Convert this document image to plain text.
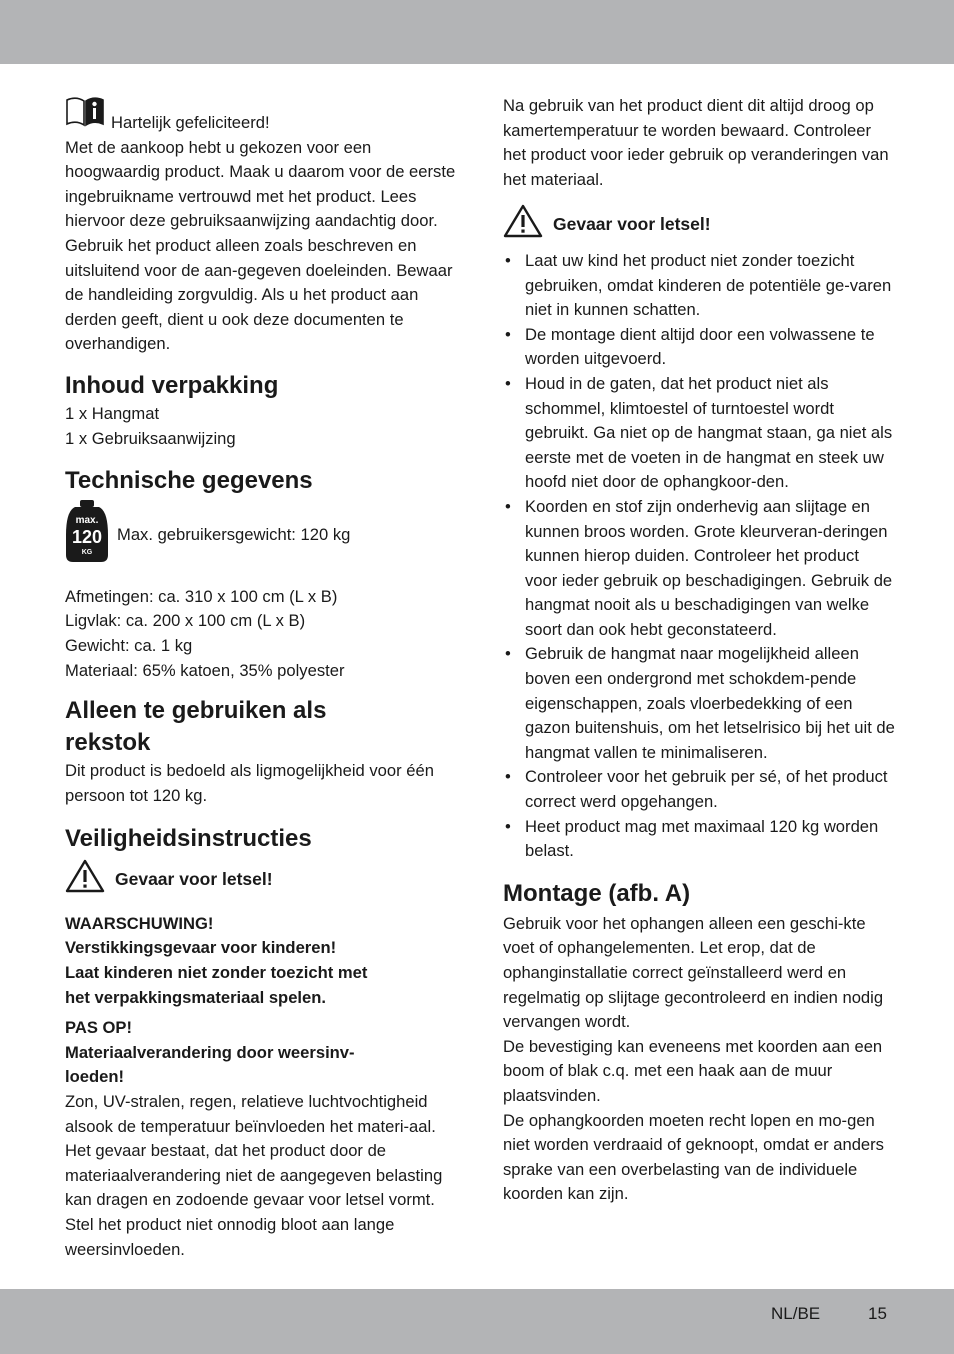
Hartelijk gefeliciteerd!

Met de aankoop hebt u gekozen voor een hoogwaardig product. Maak u daarom voor de eerste ingebruikname vertrouwd met het product. Lees hiervoor deze gebruiksaanwijzing aandachtig door. Gebruik het product alleen zoals beschreven en uitsluitend voor de aan-gegeven doeleinden. Bewaar de handleiding zorgvuldig. Als u het product aan derden geeft, dient u ook deze documenten te overhandigen.

Inhoud verpakking

1 x Hangmat

1 x Gebruiksaanwijzing

Technische gegevens
max.
120
KG
Max. gebruikersgewicht: 120 kg

Afmetingen: ca. 310 x 100 cm (L x B)

Ligvlak: ca. 200 x 100 cm (L x B)

Gewicht: ca. 1 kg

Materiaal: 65% katoen, 35% polyester

Alleen te gebruiken als
rekstok

Dit product is bedoeld als ligmogelijkheid voor één persoon tot 120 kg.

Veiligheidsinstructies
Gevaar voor letsel!

WAARSCHUWING!

Verstikkingsgevaar voor kinderen!

Laat kinderen niet zonder toezicht met

het verpakkingsmateriaal spelen.

PAS OP!

Materiaalverandering door weersinv-

loeden!

Zon, UV-stralen, regen, relatieve luchtvochtigheid alsook de temperatuur beïnvloeden het materi-aal. Het gevaar bestaat, dat het product door de materiaalverandering niet de aangegeven belasting kan dragen en zodoende gevaar voor letsel vormt. Stel het product niet onnodig bloot aan lange weersinvloeden.

Na gebruik van het product dient dit altijd droog op kamertemperatuur te worden bewaard. Controleer het product voor ieder gebruik op veranderingen van het materiaal.

Gevaar voor letsel!
• Laat uw kind het product niet zonder toezicht gebruiken, omdat kinderen de potentiële ge-varen niet in kunnen schatten.
• De montage dient altijd door een volwassene te worden uitgevoerd.
• Houd in de gaten, dat het product niet als schommel, klimtoestel of turntoestel wordt gebruikt. Ga niet op de hangmat staan, ga niet als eerste met de voeten in de hangmat en steek uw hoofd niet door de ophangkoor-den.
• Koorden en stof zijn onderhevig aan slijtage en kunnen broos worden. Grote kleurveran-deringen kunnen hierop duiden. Controleer het product voor ieder gebruik op beschadigingen. Gebruik de hangmat nooit als u beschadigingen van welke soort dan ook hebt geconstateerd.
• Gebruik de hangmat naar mogelijkheid alleen boven een ondergrond met schokdem-pende eigenschappen, zoals vloerbedekking of een gazon buitenshuis, om het letselrisico bij het uit de hangmat vallen te minimaliseren.
• Controleer voor het gebruik per sé, of het product correct werd opgehangen.
• Heet product mag met maximaal 120 kg worden belast.
Montage (afb. A)

Gebruik voor het ophangen alleen een geschi-kte voet of ophangelementen. Let erop, dat de ophanginstallatie correct geïnstalleerd werd en regelmatig op slijtage gecontroleerd en indien nodig vervangen wordt.

De bevestiging kan eveneens met koorden aan een boom of blak c.q. met een haak aan de muur plaatsvinden.

De ophangkoorden moeten recht lopen en mo-gen niet worden verdraaid of geknoopt, omdat er anders sprake van een overbelasting van de individuele koorden kan zijn.

NL/BE	15
